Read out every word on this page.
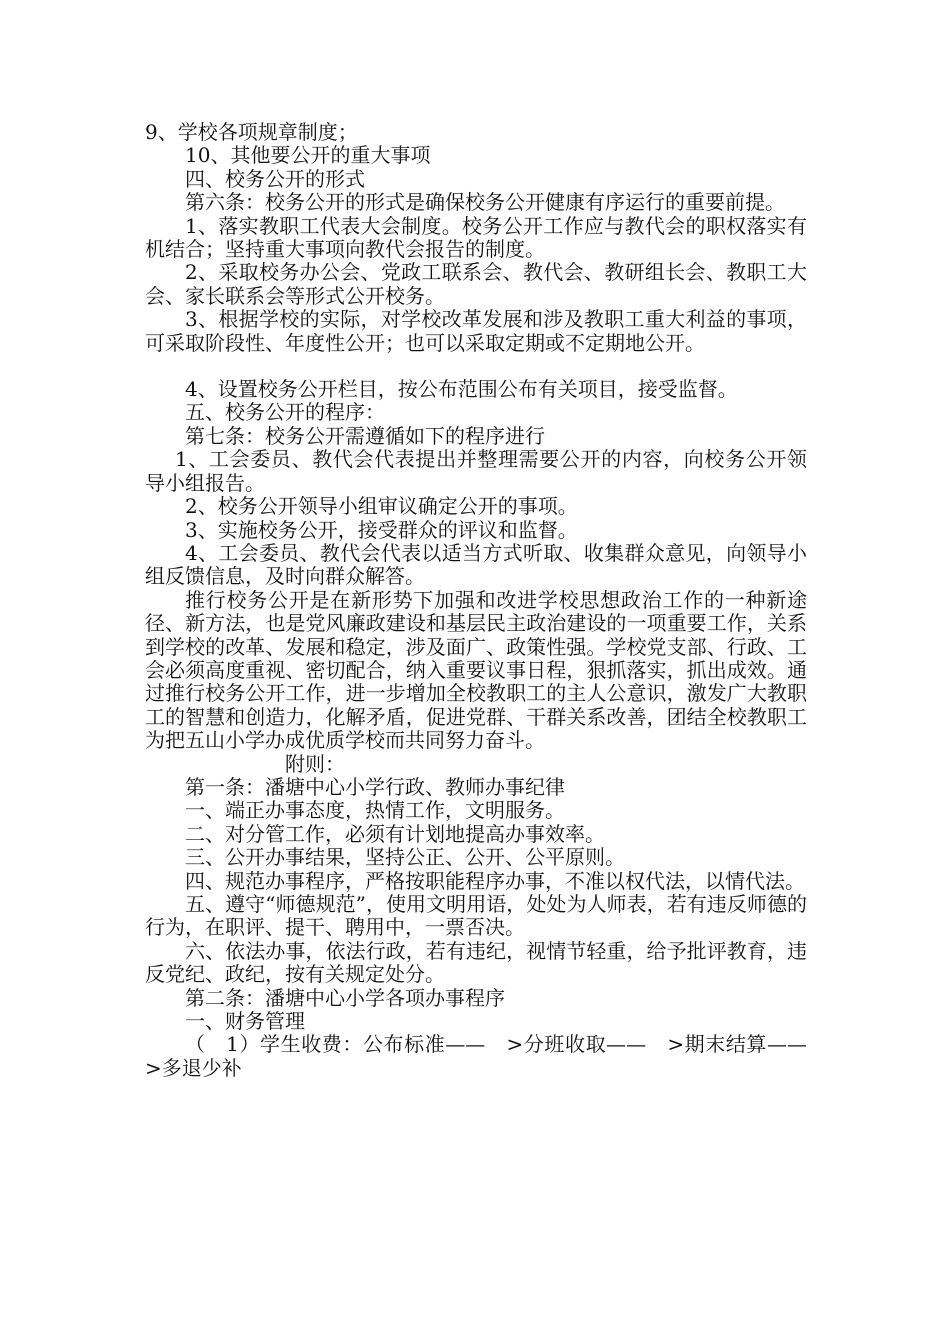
9、学校各项规章制度；

10、其他要公开的重大事项

四、校务公开的形式

第六条：校务公开的形式是确保校务公开健康有序运行的重要前提。

1、落实教职工代表大会制度。校务公开工作应与教代会的职权落实有机结合；坚持重大事项向教代会报告的制度。

2、采取校务办公会、党政工联系会、教代会、教研组长会、教职工大会、家长联系会等形式公开校务。

3、根据学校的实际，对学校改革发展和涉及教职工重大利益的事项，可采取阶段性、年度性公开；也可以采取定期或不定期地公开。

4、设置校务公开栏目，按公布范围公布有关项目，接受监督。

五、校务公开的程序：

第七条：校务公开需遵循如下的程序进行

1、工会委员、教代会代表提出并整理需要公开的内容，向校务公开领导小组报告。

2、校务公开领导小组审议确定公开的事项。

3、实施校务公开，接受群众的评议和监督。

4、工会委员、教代会代表以适当方式听取、收集群众意见，向领导小组反馈信息，及时向群众解答。

推行校务公开是在新形势下加强和改进学校思想政治工作的一种新途径、新方法，也是党风廉政建设和基层民主政治建设的一项重要工作，关系到学校的改革、发展和稳定，涉及面广、政策性强。学校党支部、行政、工会必须高度重视、密切配合，纳入重要议事日程，狠抓落实，抓出成效。通过推行校务公开工作，进一步增加全校教职工的主人公意识，激发广大教职工的智慧和创造力，化解矛盾，促进党群、干群关系改善，团结全校教职工为把五山小学办成优质学校而共同努力奋斗。

附则：

第一条：潘塘中心小学行政、教师办事纪律

一、端正办事态度，热情工作，文明服务。

二、对分管工作，必须有计划地提高办事效率。

三、公开办事结果，坚持公正、公开、公平原则。

四、规范办事程序，严格按职能程序办事，不准以权代法，以情代法。

五、遵守“师德规范”，使用文明用语，处处为人师表，若有违反师德的行为，在职评、提干、聘用中，一票否决。

六、依法办事，依法行政，若有违纪，视情节轻重，给予批评教育，违反党纪、政纪，按有关规定处分。

第二条：潘塘中心小学各项办事程序

一、财务管理

（　1）学生收费：公布标准——　>分班收取——　>期末结算——　>多退少补
